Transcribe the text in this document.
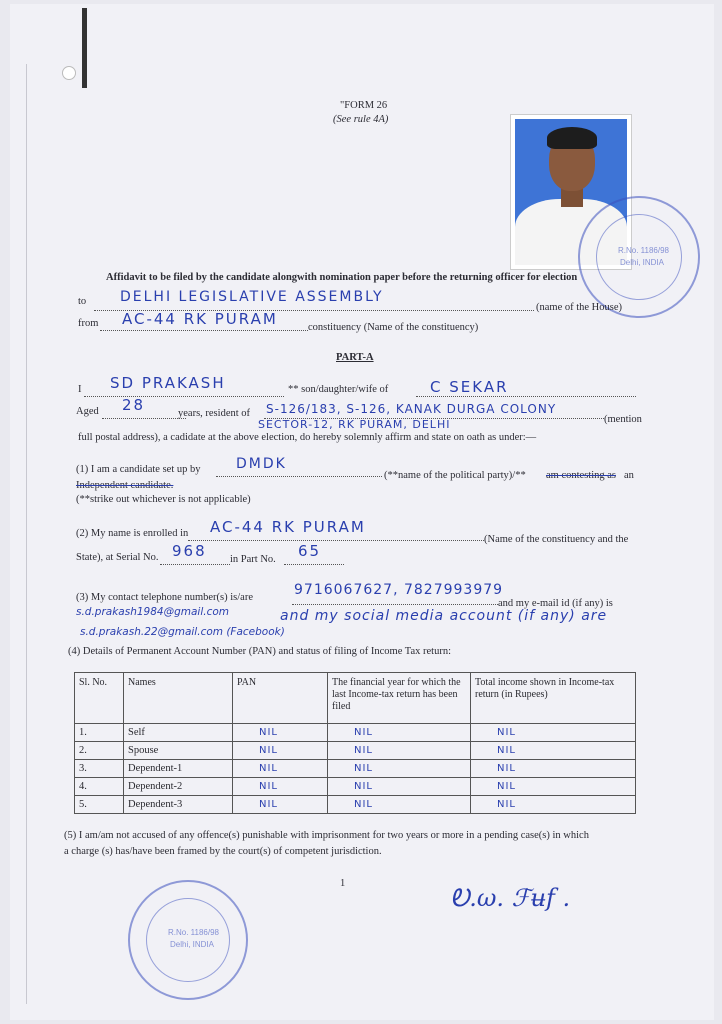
"FORM 26
(See rule 4A)
R.No. 1186/98
Delhi, INDIA
Affidavit to be filed by the candidate alongwith nomination paper before the returning officer for election
to DELHI LEGISLATIVE ASSEMBLY
(name of the House)
from AC-44 RK PURAM	constituency (Name of the constituency)
PART-A
I SD PRAKASH	** son/daughter/wife of	C SEKAR
Aged 28	years, resident of S-126/183, S-126, KANAK DURGA COLONY
SECTOR-12, RK PURAM, DELHI	(mention
full postal address), a cadidate at the above election, do hereby solemnly affirm and state on oath as under:—
(1) I am a candidate set up by	DMDK
(**name of the political party)/** am contesting as an
Independent candidate.
(**strike out whichever is not applicable)
(2) My name is enrolled in AC-44 RK PURAM
(Name of the constituency and the
State), at Serial No. 968 in Part No. 65
(3) My contact telephone number(s) is/are	9716067627, 7827993979
and my e-mail id (if any) is
s.d.prakash1984@gmail.com	and my social media account (if any) are
s.d.prakash.22@gmail.com (Facebook)
(4) Details of Permanent Account Number (PAN) and status of filing of Income Tax return:
Sl. No.	Names	PAN	The financial year for which the last Income-tax return has been filed	Total income shown in Income-tax return (in Rupees)
1.	Self	NIL	NIL	NIL
2.	Spouse	NIL	NIL	NIL
3.	Dependent-1	NIL	NIL	NIL
4.	Dependent-2	NIL	NIL	NIL
5.	Dependent-3	NIL	NIL	NIL
(5) I am/am not accused of any offence(s) punishable with imprisonment for two years or more in a pending case(s) in which
a charge (s) has/have been framed by the court(s) of competent jurisdiction.
1
R.No. 1186/98
Delhi, INDIA
Ꭷ.ω. ℱu̶f .
